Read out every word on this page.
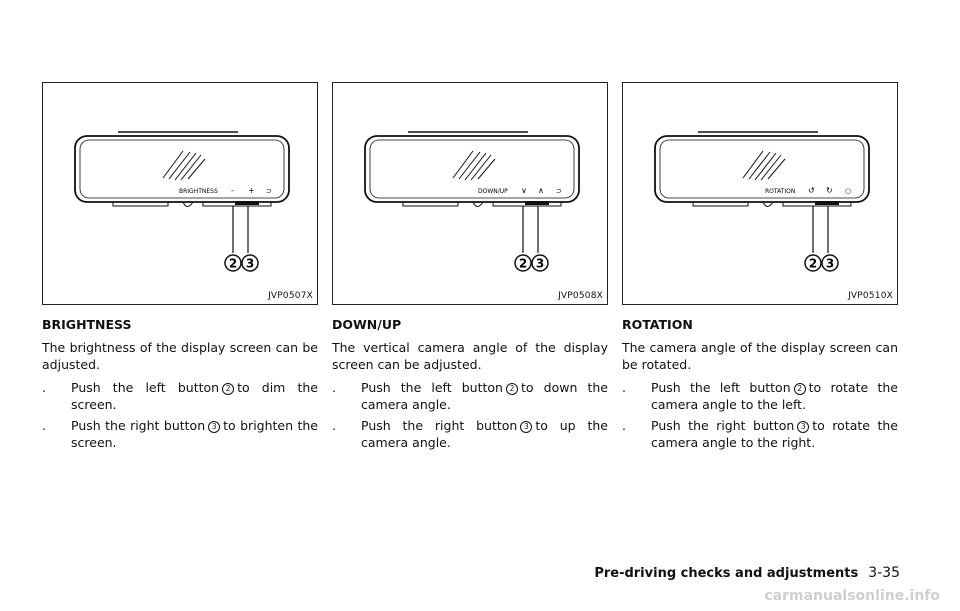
BRIGHTNESS - + ⊃
2 3
JVP0507X
BRIGHTNESS
The brightness of the display screen can be adjusted.
. Push the left button 2 to dim the screen.
. Push the right button 3 to brighten the screen.
DOWN/UP ∨ ∧ ⊃
2 3
JVP0508X
DOWN/UP
The vertical camera angle of the display screen can be adjusted.
. Push the left button 2 to down the camera angle.
. Push the right button 3 to up the camera angle.
ROTATION ↺ ↻ ○
2 3
JVP0510X
ROTATION
The camera angle of the display screen can be rotated.
. Push the left button 2 to rotate the camera angle to the left.
. Push the right button 3 to rotate the camera angle to the right.
Pre-driving checks and adjustments 3-35
carmanualsonline.info
